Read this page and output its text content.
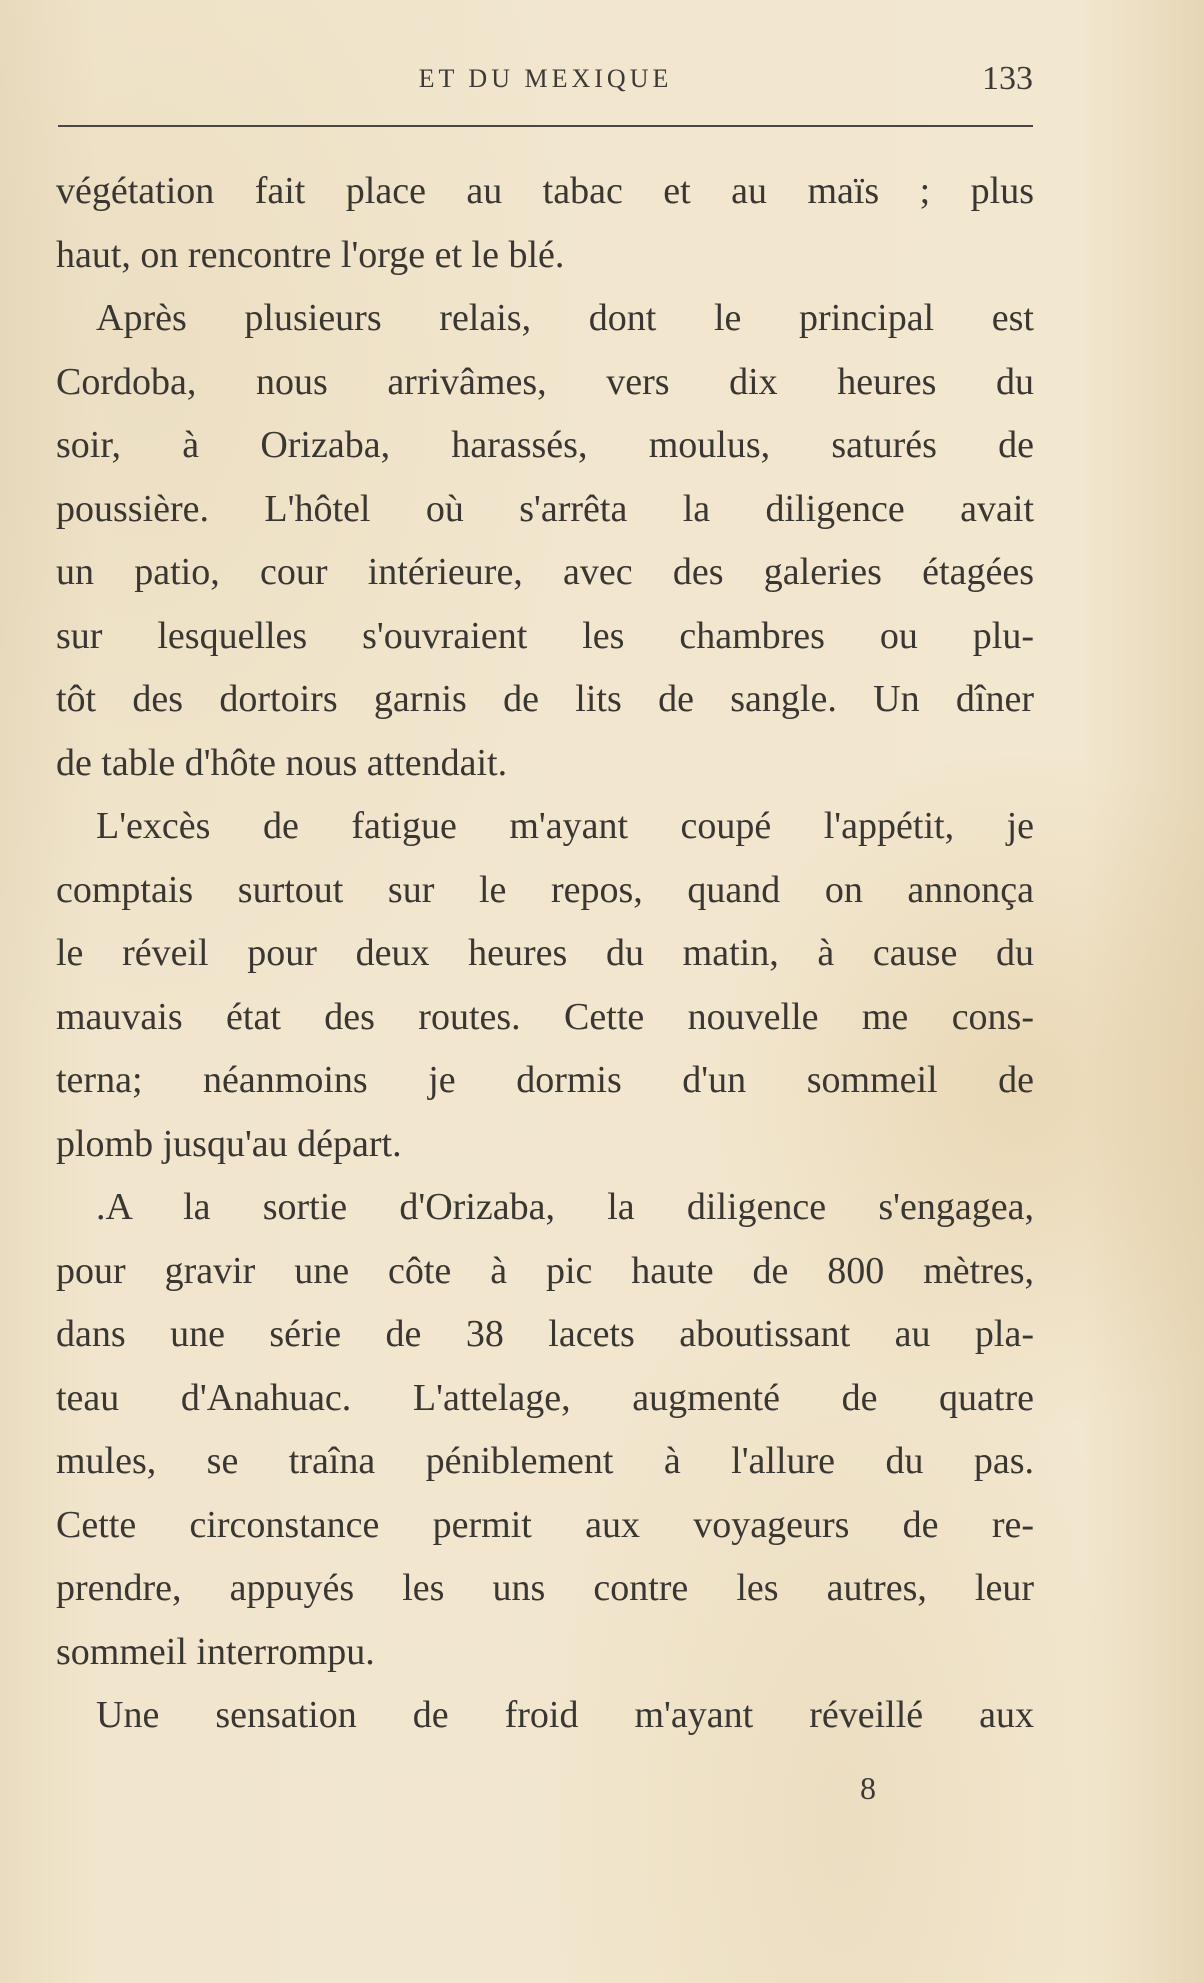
ET DU MEXIQUE	133
végétation fait place au tabac et au maïs ; plus
haut, on rencontre l'orge et le blé.
Après plusieurs relais, dont le principal est
Cordoba, nous arrivâmes, vers dix heures du
soir, à Orizaba, harassés, moulus, saturés de
poussière. L'hôtel où s'arrêta la diligence avait
un patio, cour intérieure, avec des galeries étagées
sur lesquelles s'ouvraient les chambres ou plu-
tôt des dortoirs garnis de lits de sangle. Un dîner
de table d'hôte nous attendait.
L'excès de fatigue m'ayant coupé l'appétit, je
comptais surtout sur le repos, quand on annonça
le réveil pour deux heures du matin, à cause du
mauvais état des routes. Cette nouvelle me cons-
terna; néanmoins je dormis d'un sommeil de
plomb jusqu'au départ.
.A la sortie d'Orizaba, la diligence s'engagea,
pour gravir une côte à pic haute de 800 mètres,
dans une série de 38 lacets aboutissant au pla-
teau d'Anahuac. L'attelage, augmenté de quatre
mules, se traîna péniblement à l'allure du pas.
Cette circonstance permit aux voyageurs de re-
prendre, appuyés les uns contre les autres, leur
sommeil interrompu.
Une sensation de froid m'ayant réveillé aux
8
